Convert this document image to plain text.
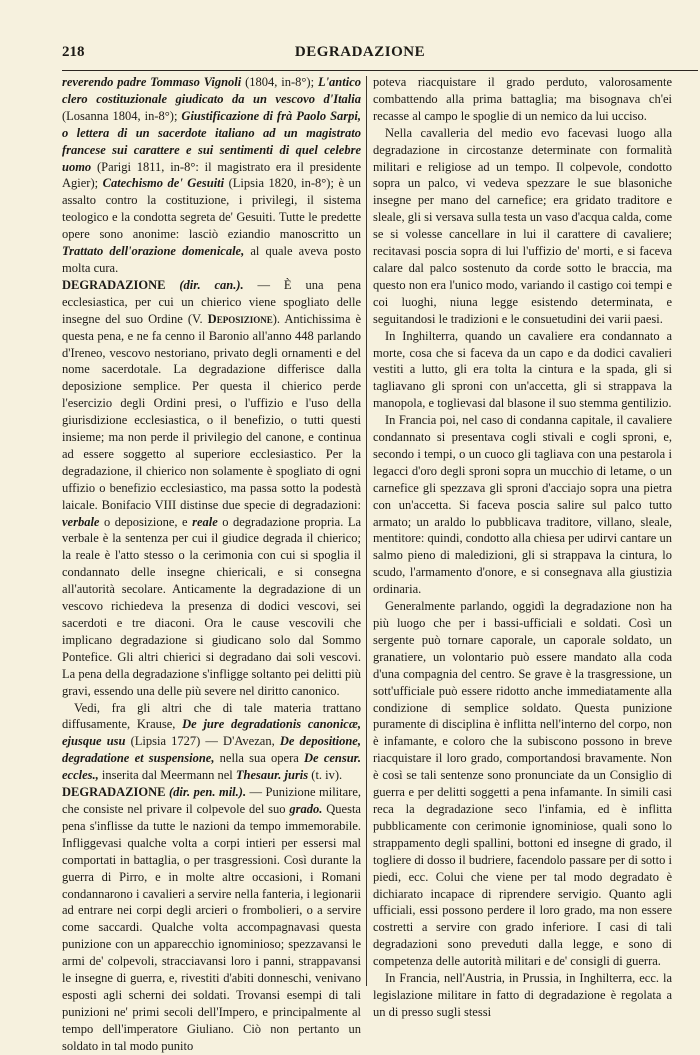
218	DEGRADAZIONE

reverendo padre Tommaso Vignoli (1804, in-8°); L'antico clero costituzionale giudicato da un vescovo d'Italia (Losanna 1804, in-8°); Giustificazione di frà Paolo Sarpi, o lettera di un sacerdote italiano ad un magistrato francese sui carattere e sui sentimenti di quel celebre uomo (Parigi 1811, in-8°: il magistrato era il presidente Agier); Catechismo de' Gesuiti (Lipsia 1820, in-8°); è un assalto contro la costituzione, i privilegi, il sistema teologico e la condotta segreta de' Gesuiti. Tutte le predette opere sono anonime: lasciò eziandio manoscritto un Trattato dell'orazione domenicale, al quale aveva posto molta cura.

DEGRADAZIONE (dir. can.). — È una pena ecclesiastica, per cui un chierico viene spogliato delle insegne del suo Ordine (V. Deposizione). Antichissima è questa pena, e ne fa cenno il Baronio all'anno 448 parlando d'Ireneo, vescovo nestoriano, privato degli ornamenti e del nome sacerdotale. La degradazione differisce dalla deposizione semplice. Per questa il chierico perde l'esercizio degli Ordini presi, o l'uffizio e l'uso della giurisdizione ecclesiastica, o il benefizio, o tutti questi insieme; ma non perde il privilegio del canone, e continua ad essere soggetto al superiore ecclesiastico. Per la degradazione, il chierico non solamente è spogliato di ogni uffizio o benefizio ecclesiastico, ma passa sotto la podestà laicale. Bonifacio VIII distinse due specie di degradazioni: verbale o deposizione, e reale o degradazione propria. La verbale è la sentenza per cui il giudice degrada il chierico; la reale è l'atto stesso o la cerimonia con cui si spoglia il condannato delle insegne chiericali, e si consegna all'autorità secolare. Anticamente la degradazione di un vescovo richiedeva la presenza di dodici vescovi, sei sacerdoti e tre diaconi. Ora le cause vescovili che implicano degradazione si giudicano solo dal Sommo Pontefice. Gli altri chierici si degradano dai soli vescovi. La pena della degradazione s'infligge soltanto pei delitti più gravi, essendo una delle più severe nel diritto canonico.

Vedi, fra gli altri che di tale materia trattano diffusamente, Krause, De jure degradationis canonicæ, ejusque usu (Lipsia 1727) — D'Avezan, De depositione, degradatione et suspensione, nella sua opera De censur. eccles., inserita dal Meermann nel Thesaur. juris (t. iv).

DEGRADAZIONE (dir. pen. mil.). — Punizione militare, che consiste nel privare il colpevole del suo grado. Questa pena s'inflisse da tutte le nazioni da tempo immemorabile. Infliggevasi qualche volta a corpi intieri per essersi mal comportati in battaglia, o per trasgressioni. Così durante la guerra di Pirro, e in molte altre occasioni, i Romani condannarono i cavalieri a servire nella fanteria, i legionarii ad entrare nei corpi degli arcieri o frombolieri, o a servire come saccardi. Qualche volta accompagnavasi questa punizione con un apparecchio ignominioso; spezzavansi le armi de' colpevoli, stracciavansi loro i panni, strappavansi le insegne di guerra, e, rivestiti d'abiti donneschi, venivano esposti agli scherni dei soldati. Trovansi esempi di tali punizioni ne' primi secoli dell'Impero, e principalmente al tempo dell'imperatore Giuliano. Ciò non pertanto un soldato in tal modo punito

poteva riacquistare il grado perduto, valorosamente combattendo alla prima battaglia; ma bisognava ch'ei recasse al campo le spoglie di un nemico da lui ucciso.

Nella cavalleria del medio evo facevasi luogo alla degradazione in circostanze determinate con formalità militari e religiose ad un tempo. Il colpevole, condotto sopra un palco, vi vedeva spezzare le sue blasoniche insegne per mano del carnefice; era gridato traditore e sleale, gli si versava sulla testa un vaso d'acqua calda, come se si volesse cancellare in lui il carattere di cavaliere; recitavasi poscia sopra di lui l'uffizio de' morti, e si faceva calare dal palco sostenuto da corde sotto le braccia, ma questo non era l'unico modo, variando il castigo coi tempi e coi luoghi, niuna legge esistendo determinata, e seguitandosi le tradizioni e le consuetudini dei varii paesi.

In Inghilterra, quando un cavaliere era condannato a morte, cosa che si faceva da un capo e da dodici cavalieri vestiti a lutto, gli era tolta la cintura e la spada, gli si tagliavano gli sproni con un'accetta, gli si strappava la manopola, e toglievasi dal blasone il suo stemma gentilizio.

In Francia poi, nel caso di condanna capitale, il cavaliere condannato si presentava cogli stivali e cogli sproni, e, secondo i tempi, o un cuoco gli tagliava con una pestarola i legacci d'oro degli sproni sopra un mucchio di letame, o un carnefice gli spezzava gli sproni d'acciajo sopra una pietra con un'accetta. Si faceva poscia salire sul palco tutto armato; un araldo lo pubblicava traditore, villano, sleale, mentitore: quindi, condotto alla chiesa per udirvi cantare un salmo pieno di maledizioni, gli si strappava la cintura, lo scudo, l'armamento d'onore, e si consegnava alla giustizia ordinaria.

Generalmente parlando, oggidì la degradazione non ha più luogo che per i bassi-ufficiali e soldati. Così un sergente può tornare caporale, un caporale soldato, un granatiere, un volontario può essere mandato alla coda d'una compagnia del centro. Se grave è la trasgressione, un sott'ufficiale può essere ridotto anche immediatamente alla condizione di semplice soldato. Questa punizione puramente di disciplina è inflitta nell'interno del corpo, non è infamante, e coloro che la subiscono possono in breve riacquistare il loro grado, comportandosi bravamente. Non è così se tali sentenze sono pronunciate da un Consiglio di guerra e per delitti soggetti a pena infamante. In simili casi reca la degradazione seco l'infamia, ed è inflitta pubblicamente con cerimonie ignominiose, quali sono lo strappamento degli spallini, bottoni ed insegne di grado, il togliere di dosso il budriere, facendolo passare per di sotto i piedi, ecc. Colui che viene per tal modo degradato è dichiarato incapace di riprendere servigio. Quanto agli ufficiali, essi possono perdere il loro grado, ma non essere costretti a servire con grado inferiore. I casi di tali degradazioni sono preveduti dalla legge, e sono di competenza delle autorità militari e de' consigli di guerra.

In Francia, nell'Austria, in Prussia, in Inghilterra, ecc. la legislazione militare in fatto di degradazione è regolata a un di presso sugli stessi
